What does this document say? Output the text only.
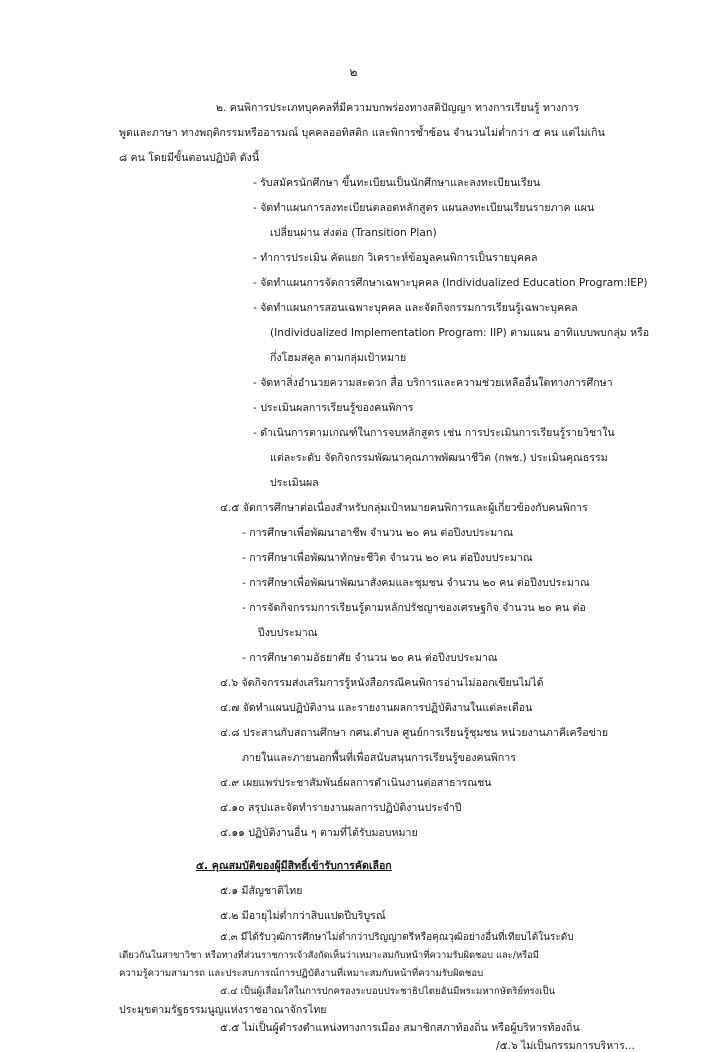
๒
๒. คนพิการประเภทบุคคลที่มีความบกพร่องทางสติปัญญา ทางการเรียนรู้ ทางการ
พูดและภาษา ทางพฤติกรรมหรืออารมณ์ บุคคลออทิสติก และพิการซ้ำซ้อน จำนวนไม่ต่ำกว่า ๕ คน แต่ไม่เกิน
๘ คน โดยมีขั้นตอนปฏิบัติ ดังนี้
- รับสมัครนักศึกษา ขึ้นทะเบียนเป็นนักศึกษาและลงทะเบียนเรียน
- จัดทำแผนการลงทะเบียนตลอดหลักสูตร แผนลงทะเบียนเรียนรายภาค แผน
เปลี่ยนผ่าน ส่งต่อ (Transition Plan)
- ทำการประเมิน คัดแยก วิเคราะห์ข้อมูลคนพิการเป็นรายบุคคล
- จัดทำแผนการจัดการศึกษาเฉพาะบุคคล (Individualized Education Program:IEP)
- จัดทำแผนการสอนเฉพาะบุคคล และจัดกิจกรรมการเรียนรู้เฉพาะบุคคล
(Individualized Implementation Program: IIP) ตามแผน อาทิแบบพบกลุ่ม หรือ
กึ่งโฮมสคูล ตามกลุ่มเป้าหมาย
- จัดหาสิ่งอำนวยความสะดวก สื่อ บริการและความช่วยเหลืออื่นใดทางการศึกษา
- ประเมินผลการเรียนรู้ของคนพิการ
- ดำเนินการตามเกณฑ์ในการจบหลักสูตร เช่น การประเมินการเรียนรู้รายวิชาใน
แต่ละระดับ จัดกิจกรรมพัฒนาคุณภาพพัฒนาชีวิต (กพช.) ประเมินคุณธรรม
ประเมินผล
๔.๕ จัดการศึกษาต่อเนื่องสำหรับกลุ่มเป้าหมายคนพิการและผู้เกี่ยวข้องกับคนพิการ
- การศึกษาเพื่อพัฒนาอาชีพ จำนวน ๒๐ คน ต่อปีงบประมาณ
- การศึกษาเพื่อพัฒนาทักษะชีวิต จำนวน ๒๐ คน ต่อปีงบประมาณ
- การศึกษาเพื่อพัฒนาพัฒนาสังคมและชุมชน จำนวน ๒๐ คน ต่อปีงบประมาณ
- การจัดกิจกรรมการเรียนรู้ตามหลักปรัชญาของเศรษฐกิจ จำนวน ๒๐ คน ต่อ
ปีงบประมาณ
- การศึกษาตามอัธยาศัย จำนวน ๒๐ คน ต่อปีงบประมาณ
๔.๖ จัดกิจกรรมส่งเสริมการรู้หนังสือกรณีคนพิการอ่านไม่ออกเขียนไม่ได้
๔.๗ จัดทำแผนปฏิบัติงาน และรายงานผลการปฏิบัติงานในแต่ละเดือน
๔.๘ ประสานกับสถานศึกษา กศน.ตำบล ศูนย์การเรียนรู้ชุมชน หน่วยงานภาคีเครือข่าย
ภายในและภายนอกพื้นที่เพื่อสนับสนุนการเรียนรู้ของคนพิการ
๔.๙ เผยแพร่ประชาสัมพันธ์ผลการดำเนินงานต่อสาธารณชน
๔.๑๐ สรุปและจัดทำรายงานผลการปฏิบัติงานประจำปี
๔.๑๑ ปฏิบัติงานอื่น ๆ ตามที่ได้รับมอบหมาย
๕. คุณสมบัติของผู้มีสิทธิ์เข้ารับการคัดเลือก
๕.๑ มีสัญชาติไทย
๕.๒ มีอายุไม่ต่ำกว่าสิบแปดปีบริบูรณ์
๕.๓ มีได้รับวุฒิการศึกษาไม่ต่ำกว่าปริญญาตรีหรือคุณวุฒิอย่างอื่นที่เทียบได้ในระดับ
เดียวกันในสาขาวิชา หรือทางที่ส่วนราชการเจ้าสังกัดเห็นว่าเหมาะสมกับหน้าที่ความรับผิดชอบ และ/หรือมี
ความรู้ความสามารถ และประสบการณ์การปฏิบัติงานที่เหมาะสมกับหน้าที่ความรับผิดชอบ
๕.๔ เป็นผู้เลื่อมใสในการปกครองระบอบประชาธิปไตยอันมีพระมหากษัตริย์ทรงเป็น
ประมุขตามรัฐธรรมนูญแห่งราชอาณาจักรไทย
๕.๕ ไม่เป็นผู้ดำรงตำแหน่งทางการเมือง สมาชิกสภาท้องถิ่น หรือผู้บริหารท้องถิ่น
/๕.๖ ไม่เป็นกรรมการบริหาร...
